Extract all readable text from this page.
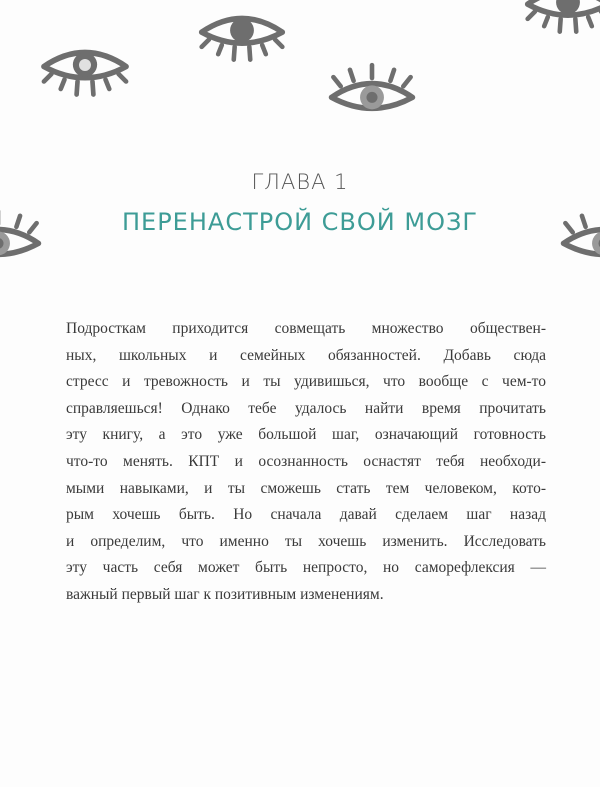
ГЛАВА 1
ПЕРЕНАСТРОЙ СВОЙ МОЗГ
Подросткам приходится совмещать множество обществен-
ных, школьных и семейных обязанностей. Добавь сюда
стресс и тревожность и ты удивишься, что вообще с чем-то
справляешься! Однако тебе удалось найти время прочитать
эту книгу, а это уже большой шаг, означающий готовность
что-то менять. КПТ и осознанность оснастят тебя необходи-
мыми навыками, и ты сможешь стать тем человеком, кото-
рым хочешь быть. Но сначала давай сделаем шаг назад
и определим, что именно ты хочешь изменить. Исследовать
эту часть себя может быть непросто, но саморефлексия —
важный первый шаг к позитивным изменениям.
